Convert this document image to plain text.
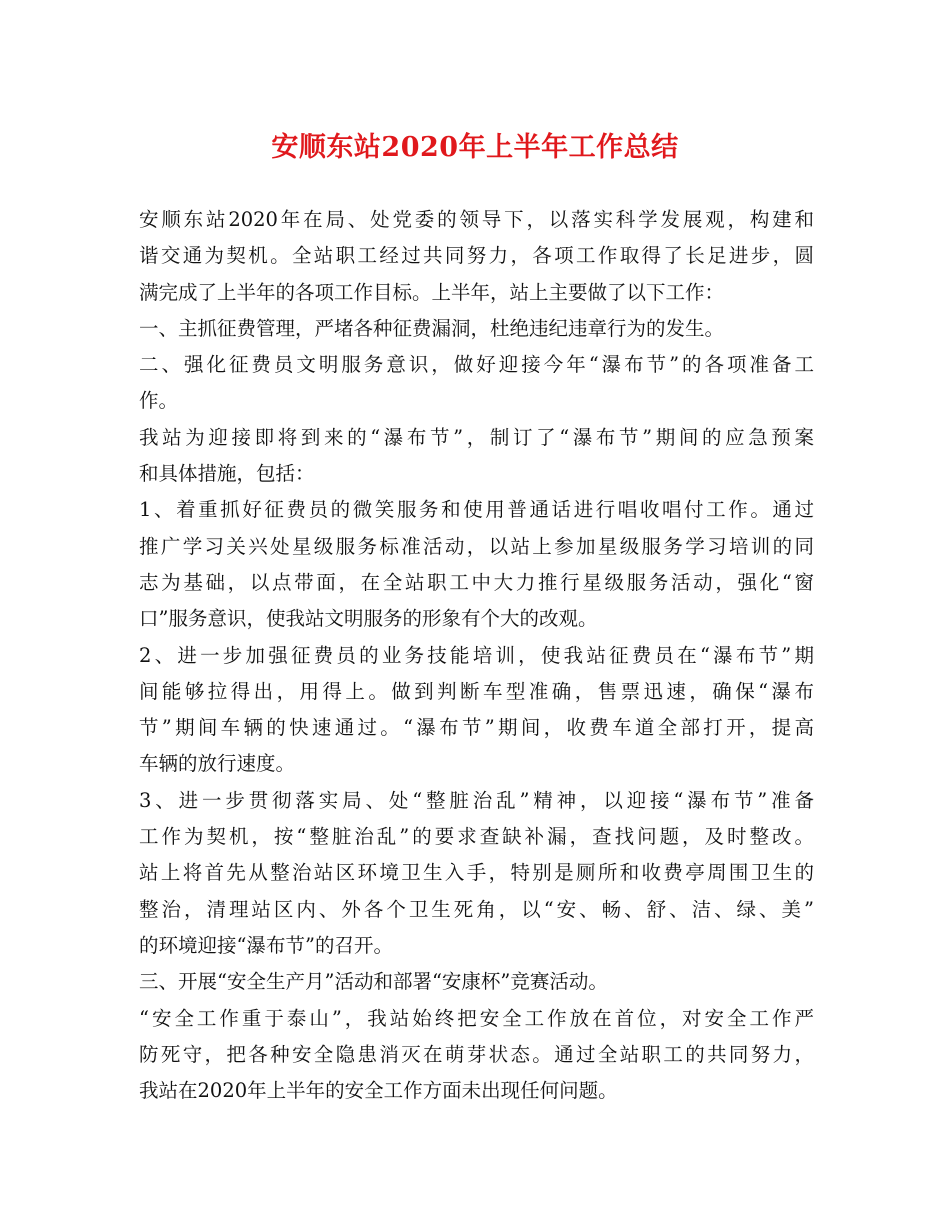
安顺东站2020年上半年工作总结
安顺东站2020年在局、处党委的领导下，以落实科学发展观，构建和
谐交通为契机。全站职工经过共同努力，各项工作取得了长足进步，圆
满完成了上半年的各项工作目标。上半年，站上主要做了以下工作：
一、主抓征费管理，严堵各种征费漏洞，杜绝违纪违章行为的发生。
二、强化征费员文明服务意识，做好迎接今年“瀑布节”的各项准备工
作。
我站为迎接即将到来的“瀑布节”，制订了“瀑布节”期间的应急预案
和具体措施，包括：
1、着重抓好征费员的微笑服务和使用普通话进行唱收唱付工作。通过
推广学习关兴处星级服务标准活动，以站上参加星级服务学习培训的同
志为基础，以点带面，在全站职工中大力推行星级服务活动，强化“窗
口”服务意识，使我站文明服务的形象有个大的改观。
2、进一步加强征费员的业务技能培训，使我站征费员在“瀑布节”期
间能够拉得出，用得上。做到判断车型准确，售票迅速，确保“瀑布
节”期间车辆的快速通过。“瀑布节”期间，收费车道全部打开，提高
车辆的放行速度。
3、进一步贯彻落实局、处“整脏治乱”精神，以迎接“瀑布节”准备
工作为契机，按“整脏治乱”的要求查缺补漏，查找问题，及时整改。
站上将首先从整治站区环境卫生入手，特别是厕所和收费亭周围卫生的
整治，清理站区内、外各个卫生死角，以“安、畅、舒、洁、绿、美”
的环境迎接“瀑布节”的召开。
三、开展“安全生产月”活动和部署“安康杯”竞赛活动。
“安全工作重于泰山”，我站始终把安全工作放在首位，对安全工作严
防死守，把各种安全隐患消灭在萌芽状态。通过全站职工的共同努力，
我站在2020年上半年的安全工作方面未出现任何问题。
